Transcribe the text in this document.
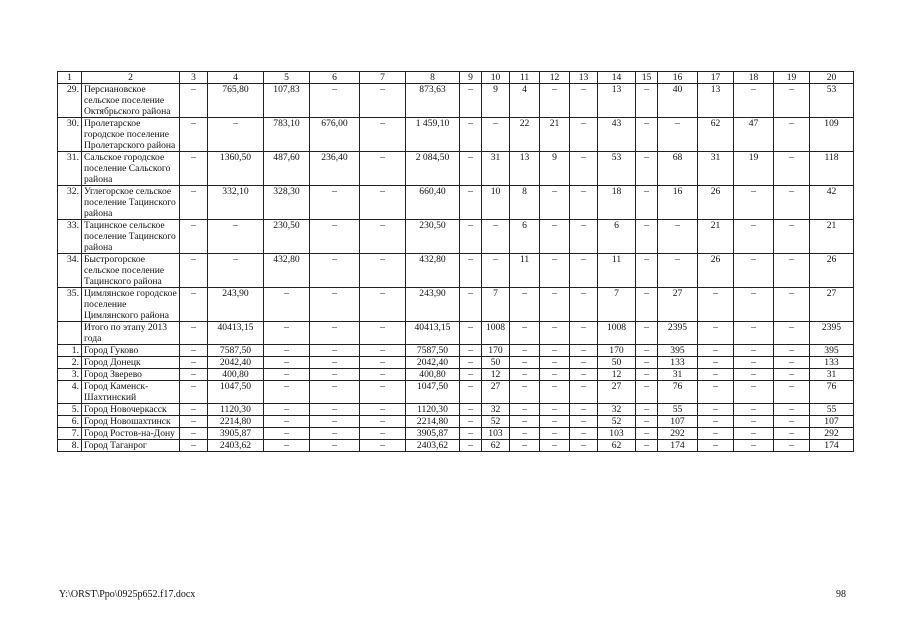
1	2	3	4	5	6	7	8	9	10	11	12	13	14	15	16	17	18	19	20
29.	Персиановское сельское поселение Октябрьского района	–	765,80	107,83	–	–	873,63	–	9	4	–	–	13	–	40	13	–	–	53
30.	Пролетарское городское поселение Пролетарского района	–	–	783,10	676,00	–	1 459,10	–	–	22	21	–	43	–	–	62	47	–	109
31.	Сальское городское поселение Сальского района	–	1360,50	487,60	236,40	–	2 084,50	–	31	13	9	–	53	–	68	31	19	–	118
32.	Углегорское сельское поселение Тацинского района	–	332,10	328,30	–	–	660,40	–	10	8	–	–	18	–	16	26	–	–	42
33.	Тацинское сельское поселение Тацинского района	–	–	230,50	–	–	230,50	–	–	6	–	–	6	–	–	21	–	–	21
34.	Быстрогорское сельское поселение Тацинского района	–	–	432,80	–	–	432,80	–	–	11	–	–	11	–	–	26	–	–	26
35.	Цимлянское городское поселение Цимлянского района	–	243,90	–	–	–	243,90	–	7	–	–	–	7	–	27	–	–	–	27
	Итого по этапу 2013 года	–	40413,15	–	–	–	40413,15	–	1008	–	–	–	1008	–	2395	–	–	–	2395
1.	Город Гуково	–	7587,50	–	–	–	7587,50	–	170	–	–	–	170	–	395	–	–	–	395
2.	Город Донецк	–	2042,40	–	–	–	2042,40	–	50	–	–	–	50	–	133	–	–	–	133
3.	Город Зверево	–	400,80	–	–	–	400,80	–	12	–	–	–	12	–	31	–	–	–	31
4.	Город Каменск-Шахтинский	–	1047,50	–	–	–	1047,50	–	27	–	–	–	27	–	76	–	–	–	76
5.	Город Новочеркасск	–	1120,30	–	–	–	1120,30	–	32	–	–	–	32	–	55	–	–	–	55
6.	Город Новошахтинск	–	2214,80	–	–	–	2214,80	–	52	–	–	–	52	–	107	–	–	–	107
7.	Город Ростов-на-Дону	–	3905,87	–	–	–	3905,87	–	103	–	–	–	103	–	292	–	–	–	292
8.	Город Таганрог	–	2403,62	–	–	–	2403,62	–	62	–	–	–	62	–	174	–	–	–	174
Y:\ORST\Ppo\0925p652.f17.docx	98
